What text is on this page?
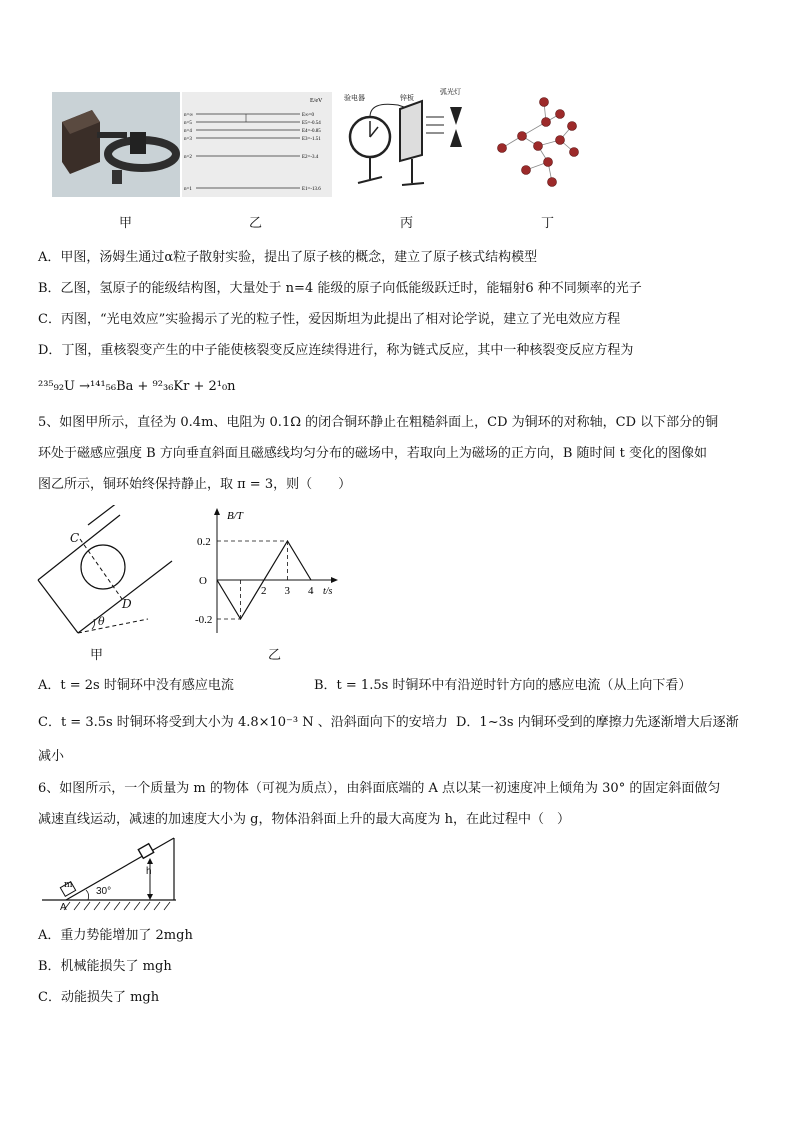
E/eV
n=∞	E∞=0
n=5	E5=-0.54
n=4	E4=-0.85
n=3	E3=-1.51
n=2	E2=-3.4
n=1	E1=-13.6
验电器	锌板
弧光灯
甲	乙	丙	丁
A．甲图，汤姆生通过α粒子散射实验，提出了原子核的概念，建立了原子核式结构模型
B．乙图，氢原子的能级结构图，大量处于 n=4 能级的原子向低能级跃迁时，能辐射6 种不同频率的光子
C．丙图，“光电效应”实验揭示了光的粒子性，爱因斯坦为此提出了相对论学说，建立了光电效应方程
D．丁图，重核裂变产生的中子能使核裂变反应连续得进行，称为链式反应，其中一种核裂变反应方程为
²³⁵₉₂U →¹⁴¹₅₆Ba + ⁹²₃₆Kr + 2¹₀n
5、如图甲所示，直径为 0.4m、电阻为 0.1Ω 的闭合铜环静止在粗糙斜面上，CD 为铜环的对称轴，CD 以下部分的铜
环处于磁感应强度 B 方向垂直斜面且磁感线均匀分布的磁场中，若取向上为磁场的正方向，B 随时间 t 变化的图像如
图乙所示，铜环始终保持静止，取 π = 3，则（　　）
C
D
θ
甲
B/T
t/s
O
0.2
-0.2
2 3 4
乙
A．t = 2s 时铜环中没有感应电流	B．t = 1.5s 时铜环中有沿逆时针方向的感应电流（从上向下看）
C．t = 3.5s 时铜环将受到大小为 4.8×10⁻³ N 、沿斜面向下的安培力 D．1~3s 内铜环受到的摩擦力先逐渐增大后逐渐
减小
6、如图所示，一个质量为 m 的物体（可视为质点），由斜面底端的 A 点以某一初速度冲上倾角为 30° 的固定斜面做匀
减速直线运动，减速的加速度大小为 g，物体沿斜面上升的最大高度为 h，在此过程中（　）
m
30°
h
A
A．重力势能增加了 2mgh
B．机械能损失了 mgh
C．动能损失了 mgh
